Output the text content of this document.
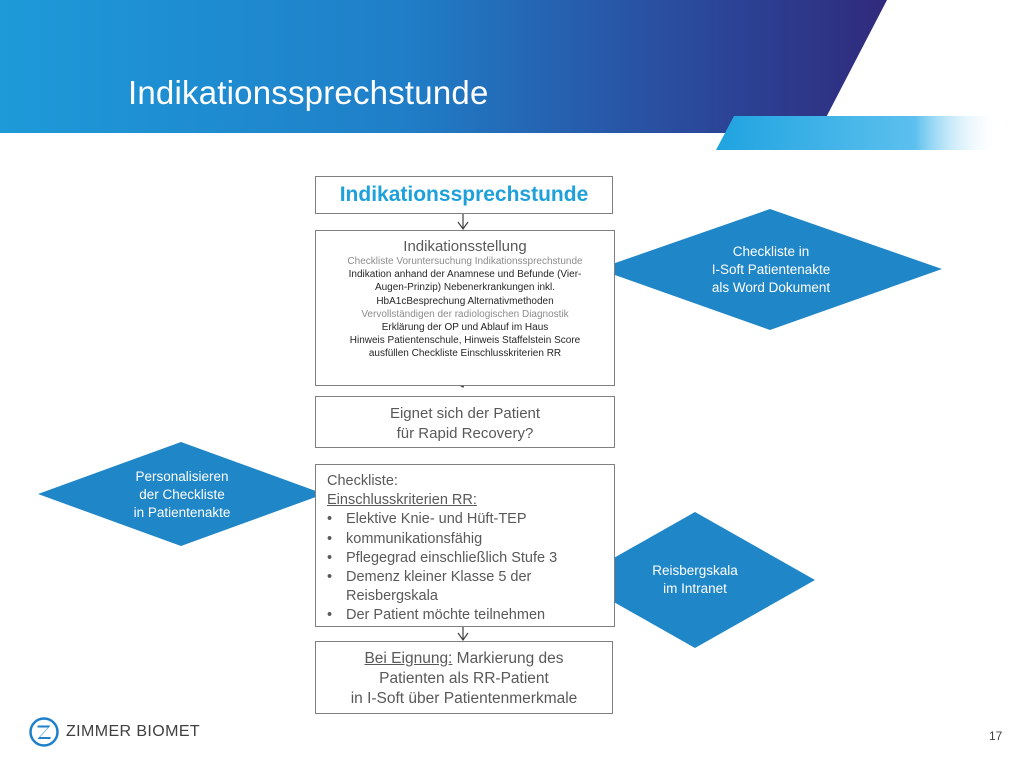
Indikationssprechstunde
Indikationssprechstunde
Indikationsstellung
Checkliste Voruntersuchung Indikationssprechstunde
Indikation anhand der Anamnese und Befunde (Vier-
Augen-Prinzip) Nebenerkrankungen inkl.
HbA1cBesprechung Alternativmethoden
Vervollständigen der radiologischen Diagnostik
Erklärung der OP und Ablauf im Haus
Hinweis Patientenschule, Hinweis Staffelstein Score
ausfüllen Checkliste Einschlusskriterien RR
Eignet sich der Patient
für Rapid Recovery?
Checkliste:
Einschlusskriterien RR:
• Elektive Knie- und Hüft-TEP
• kommunikationsfähig
• Pflegegrad einschließlich Stufe 3
• Demenz kleiner Klasse 5 der Reisbergskala
• Der Patient möchte teilnehmen
Bei Eignung: Markierung des
Patienten als RR-Patient
in I-Soft über Patientenmerkmale
Checkliste in
I-Soft Patientenakte
als Word Dokument
Personalisieren
der Checkliste
in Patientenakte
Reisbergskala
im Intranet
ZIMMER BIOMET	17
